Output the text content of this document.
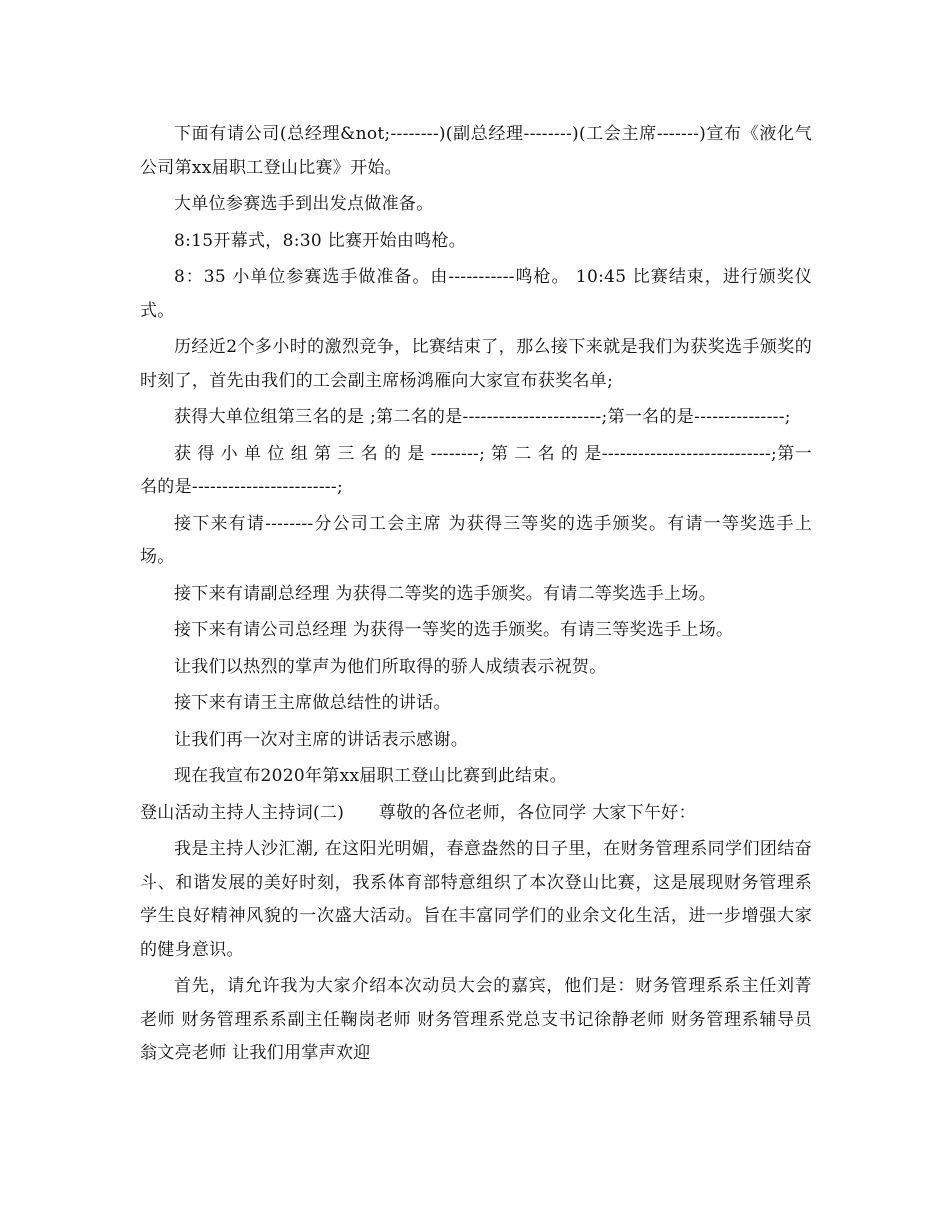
下面有请公司(总经理&not;--------)(副总经理--------)(工会主席-------)宣布《液化气公司第xx届职工登山比赛》开始。

大单位参赛选手到出发点做准备。

8:15开幕式，8:30 比赛开始由鸣枪。

8：35 小单位参赛选手做准备。由-----------鸣枪。 10:45 比赛结束，进行颁奖仪式。

历经近2个多小时的激烈竞争，比赛结束了，那么接下来就是我们为获奖选手颁奖的时刻了，首先由我们的工会副主席杨鸿雁向大家宣布获奖名单;

获得大单位组第三名的是 ;第二名的是-----------------------;第一名的是---------------;

获 得 小 单 位 组 第 三 名 的 是 --------; 第 二 名 的 是----------------------------;第一名的是------------------------;

接下来有请--------分公司工会主席 为获得三等奖的选手颁奖。有请一等奖选手上场。

接下来有请副总经理 为获得二等奖的选手颁奖。有请二等奖选手上场。

接下来有请公司总经理 为获得一等奖的选手颁奖。有请三等奖选手上场。

让我们以热烈的掌声为他们所取得的骄人成绩表示祝贺。

接下来有请王主席做总结性的讲话。

让我们再一次对主席的讲话表示感谢。

现在我宣布2020年第xx届职工登山比赛到此结束。

登山活动主持人主持词(二)　　尊敬的各位老师，各位同学 大家下午好：

我是主持人沙汇潮, 在这阳光明媚，春意盎然的日子里，在财务管理系同学们团结奋斗、和谐发展的美好时刻，我系体育部特意组织了本次登山比赛，这是展现财务管理系学生良好精神风貌的一次盛大活动。旨在丰富同学们的业余文化生活，进一步增强大家的健身意识。

首先，请允许我为大家介绍本次动员大会的嘉宾，他们是：财务管理系系主任刘菁老师 财务管理系系副主任鞠岗老师 财务管理系党总支书记徐静老师 财务管理系辅导员翁文亮老师 让我们用掌声欢迎
